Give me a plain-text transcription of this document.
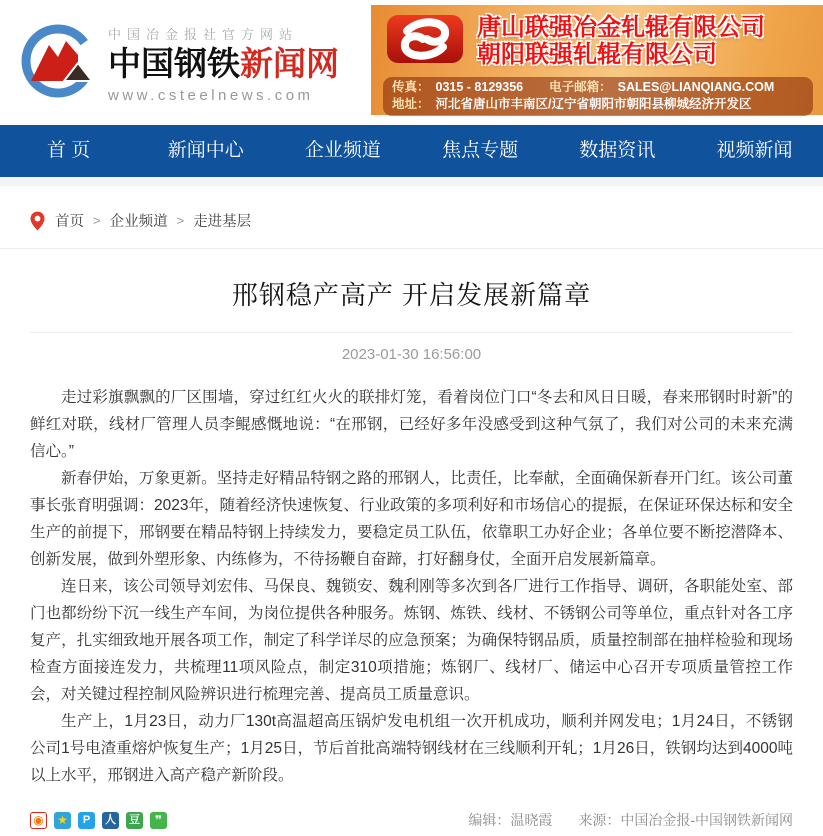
中国冶金报社官方网站
中国钢铁新闻网
www.csteelnews.com
唐山联强冶金轧辊有限公司
朝阳联强轧辊有限公司
传真： 0315 - 8129356 电子邮箱： SALES@LIANQIANG.COM
地址： 河北省唐山市丰南区/辽宁省朝阳市朝阳县柳城经济开发区
首 页	新闻中心	企业频道	焦点专题	数据资讯	视频新闻
首页 > 企业频道 > 走进基层
邢钢稳产高产 开启发展新篇章
2023-01-30 16:56:00

走过彩旗飘飘的厂区围墙，穿过红红火火的联排灯笼，看着岗位门口“冬去和风日日暖，春来邢钢时时新”的鲜红对联，线材厂管理人员李鲲感慨地说：“在邢钢，已经好多年没感受到这种气氛了，我们对公司的未来充满信心。”

新春伊始，万象更新。坚持走好精品特钢之路的邢钢人，比责任，比奉献，全面确保新春开门红。该公司董事长张育明强调：2023年，随着经济快速恢复、行业政策的多项利好和市场信心的提振，在保证环保达标和安全生产的前提下，邢钢要在精品特钢上持续发力，要稳定员工队伍，依靠职工办好企业；各单位要不断挖潜降本、创新发展，做到外塑形象、内练修为，不待扬鞭自奋蹄，打好翻身仗，全面开启发展新篇章。

连日来，该公司领导刘宏伟、马保良、魏锁安、魏利刚等多次到各厂进行工作指导、调研，各职能处室、部门也都纷纷下沉一线生产车间，为岗位提供各种服务。炼钢、炼铁、线材、不锈钢公司等单位，重点针对各工序复产，扎实细致地开展各项工作，制定了科学详尽的应急预案；为确保特钢品质，质量控制部在抽样检验和现场检查方面接连发力，共梳理11项风险点，制定310项措施；炼钢厂、线材厂、储运中心召开专项质量管控工作会，对关键过程控制风险辨识进行梳理完善、提高员工质量意识。

生产上，1月23日，动力厂130t高温超高压锅炉发电机组一次开机成功，顺利并网发电；1月24日，不锈钢公司1号电渣重熔炉恢复生产；1月25日，节后首批高端特钢线材在三线顺利开轧；1月26日，铁钢均达到4000吨以上水平，邢钢进入高产稳产新阶段。

◉ ★	P	人 豆	❞	编辑：温晓霞 来源：中国冶金报-中国钢铁新闻网
